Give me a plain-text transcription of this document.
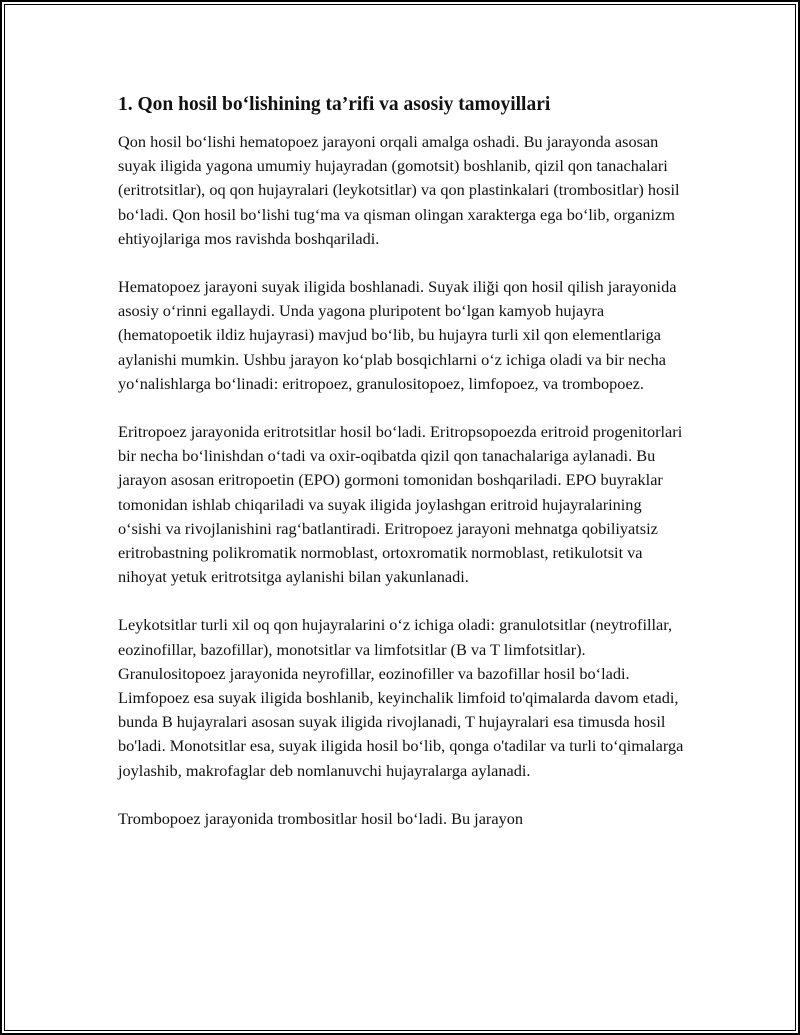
1. Qon hosil bo‘lishining ta’rifi va asosiy tamoyillari

Qon hosil bo‘lishi hematopoez jarayoni orqali amalga oshadi. Bu jarayonda asosan suyak iligida yagona umumiy hujayradan (gomotsit) boshlanib, qizil qon tanachalari (eritrotsitlar), oq qon hujayralari (leykotsitlar) va qon plastinkalari (trombositlar) hosil bo‘ladi. Qon hosil bo‘lishi tug‘ma va qisman olingan xarakterga ega bo‘lib, organizm ehtiyojlariga mos ravishda boshqariladi.

Hematopoez jarayoni suyak iligida boshlanadi. Suyak iliği qon hosil qilish jarayonida asosiy o‘rinni egallaydi. Unda yagona pluripotent bo‘lgan kamyob hujayra (hematopoetik ildiz hujayrasi) mavjud bo‘lib, bu hujayra turli xil qon elementlariga aylanishi mumkin. Ushbu jarayon ko‘plab bosqichlarni o‘z ichiga oladi va bir necha yo‘nalishlarga bo‘linadi: eritropoez, granulositopoez, limfopoez, va trombopoez.

Eritropoez jarayonida eritrotsitlar hosil bo‘ladi. Eritropsopoezda eritroid progenitorlari bir necha bo‘linishdan o‘tadi va oxir-oqibatda qizil qon tanachalariga aylanadi. Bu jarayon asosan eritropoetin (EPO) gormoni tomonidan boshqariladi. EPO buyraklar tomonidan ishlab chiqariladi va suyak iligida joylashgan eritroid hujayralarining o‘sishi va rivojlanishini rag‘batlantiradi. Eritropoez jarayoni mehnatga qobiliyatsiz eritrobastning polikromatik normoblast, ortoxromatik normoblast, retikulotsit va nihoyat yetuk eritrotsitga aylanishi bilan yakunlanadi.

Leykotsitlar turli xil oq qon hujayralarini o‘z ichiga oladi: granulotsitlar (neytrofillar, eozinofillar, bazofillar), monotsitlar va limfotsitlar (B va T limfotsitlar). Granulositopoez jarayonida neyrofillar, eozinofiller va bazofillar hosil bo‘ladi. Limfopoez esa suyak iligida boshlanib, keyinchalik limfoid to'qimalarda davom etadi, bunda B hujayralari asosan suyak iligida rivojlanadi, T hujayralari esa timusda hosil bo'ladi. Monotsitlar esa, suyak iligida hosil bo‘lib, qonga o'tadilar va turli to‘qimalarga joylashib, makrofaglar deb nomlanuvchi hujayralarga aylanadi.

Trombopoez jarayonida trombositlar hosil bo‘ladi. Bu jarayon
